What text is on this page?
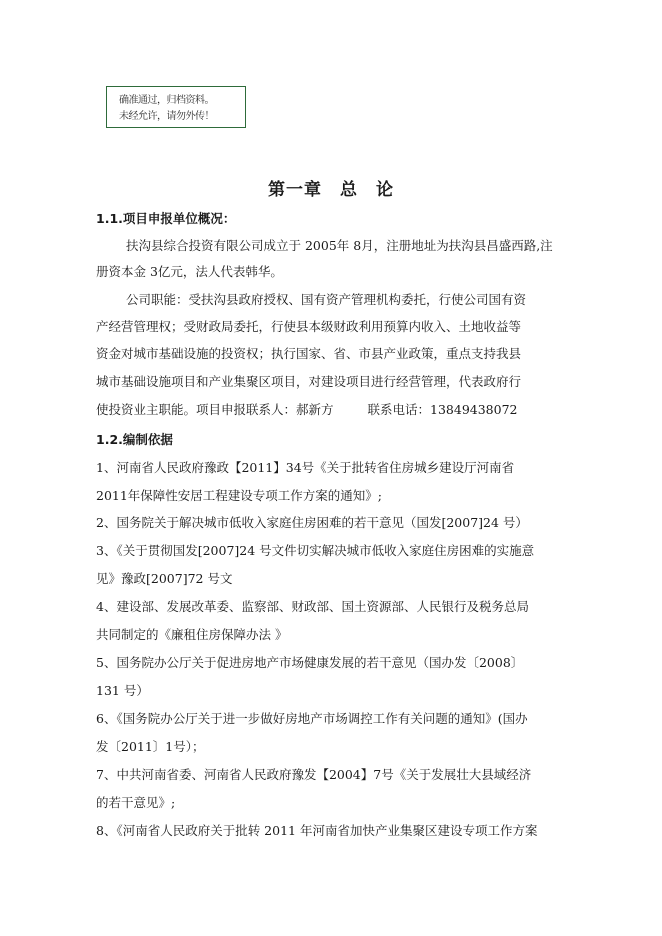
确准通过，归档资料。
未经允许，请勿外传！
第一章 总 论
1.1.项目申报单位概况：
扶沟县综合投资有限公司成立于 2005年 8月，注册地址为扶沟县昌盛西路,注
册资本金 3亿元，法人代表韩华。
公司职能：受扶沟县政府授权、国有资产管理机构委托，行使公司国有资
产经营管理权；受财政局委托，行使县本级财政利用预算内收入、土地收益等
资金对城市基础设施的投资权；执行国家、省、市县产业政策，重点支持我县
城市基础设施项目和产业集聚区项目，对建设项目进行经营管理，代表政府行
使投资业主职能。项目申报联系人：郝新方	联系电话：13849438072
1.2.编制依据
1、河南省人民政府豫政【2011】34号《关于批转省住房城乡建设厅河南省
2011年保障性安居工程建设专项工作方案的通知》;
2、国务院关于解决城市低收入家庭住房困难的若干意见（国发[2007]24 号）
3、《关于贯彻国发[2007]24 号文件切实解决城市低收入家庭住房困难的实施意
见》豫政[2007]72 号文
4、建设部、发展改革委、监察部、财政部、国土资源部、人民银行及税务总局
共同制定的《廉租住房保障办法 》
5、国务院办公厅关于促进房地产市场健康发展的若干意见（国办发〔2008〕
131 号）
6、《国务院办公厅关于进一步做好房地产市场调控工作有关问题的通知》(国办
发〔2011〕1号）；
7、中共河南省委、河南省人民政府豫发【2004】7号《关于发展壮大县域经济
的若干意见》;
8、《河南省人民政府关于批转 2011 年河南省加快产业集聚区建设专项工作方案
